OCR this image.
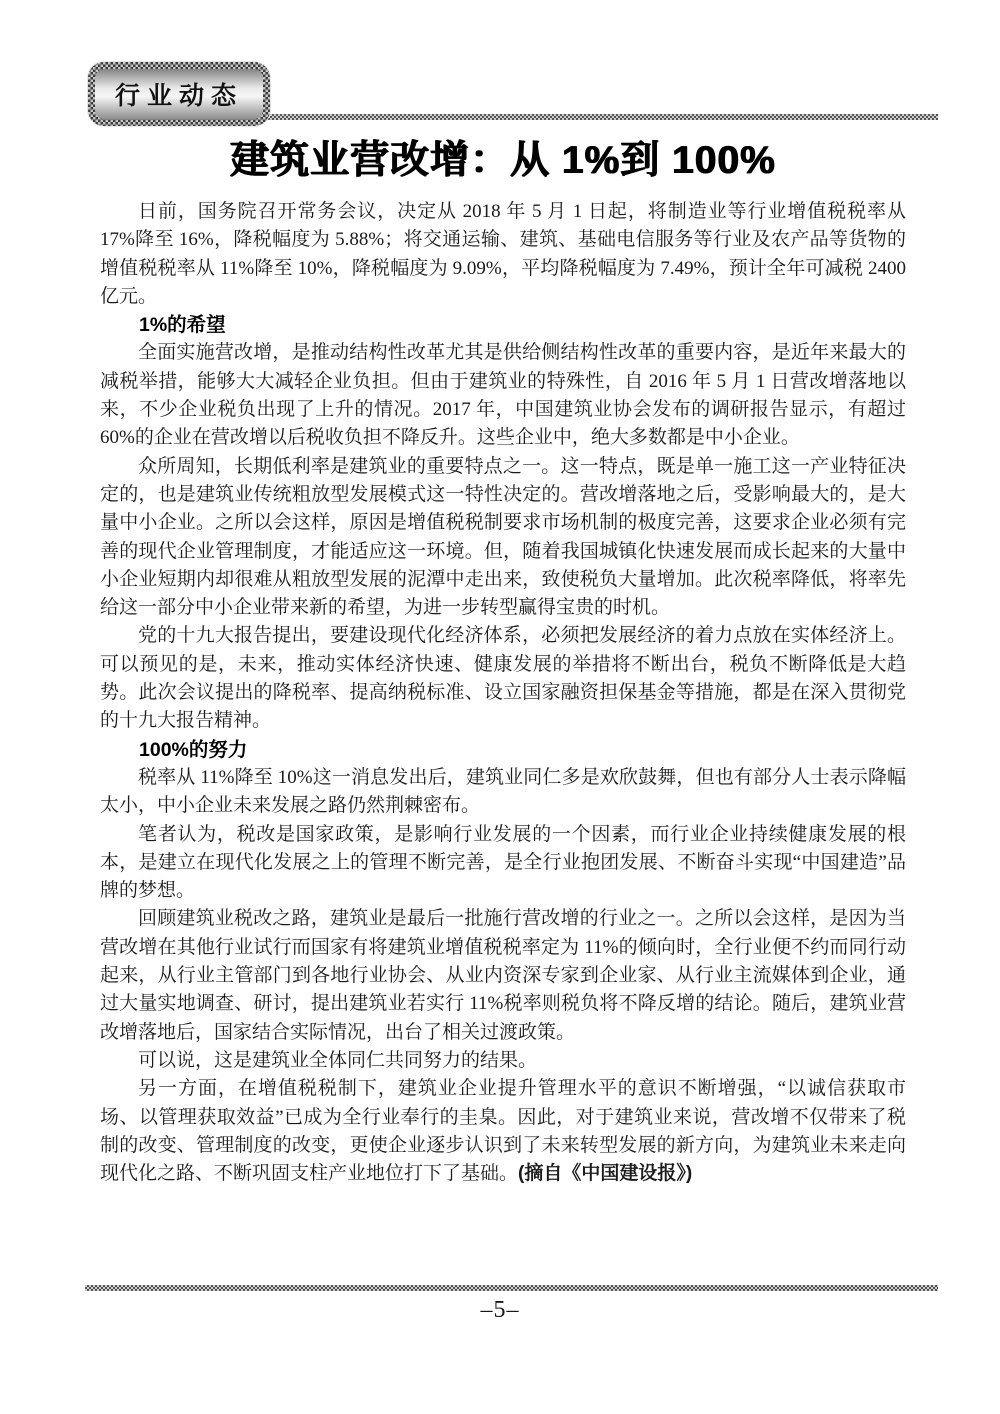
行业动态
建筑业营改增：从 1%到 100%

日前，国务院召开常务会议，决定从 2018 年 5 月 1 日起，将制造业等行业增值税税率从 17%降至 16%，降税幅度为 5.88%；将交通运输、建筑、基础电信服务等行业及农产品等货物的增值税税率从 11%降至 10%，降税幅度为 9.09%，平均降税幅度为 7.49%，预计全年可减税 2400 亿元。

1%的希望

全面实施营改增，是推动结构性改革尤其是供给侧结构性改革的重要内容，是近年来最大的减税举措，能够大大减轻企业负担。但由于建筑业的特殊性，自 2016 年 5 月 1 日营改增落地以来，不少企业税负出现了上升的情况。2017 年，中国建筑业协会发布的调研报告显示，有超过 60%的企业在营改增以后税收负担不降反升。这些企业中，绝大多数都是中小企业。

众所周知，长期低利率是建筑业的重要特点之一。这一特点，既是单一施工这一产业特征决定的，也是建筑业传统粗放型发展模式这一特性决定的。营改增落地之后，受影响最大的，是大量中小企业。之所以会这样，原因是增值税税制要求市场机制的极度完善，这要求企业必须有完善的现代企业管理制度，才能适应这一环境。但，随着我国城镇化快速发展而成长起来的大量中小企业短期内却很难从粗放型发展的泥潭中走出来，致使税负大量增加。此次税率降低，将率先给这一部分中小企业带来新的希望，为进一步转型赢得宝贵的时机。

党的十九大报告提出，要建设现代化经济体系，必须把发展经济的着力点放在实体经济上。可以预见的是，未来，推动实体经济快速、健康发展的举措将不断出台，税负不断降低是大趋势。此次会议提出的降税率、提高纳税标准、设立国家融资担保基金等措施，都是在深入贯彻党的十九大报告精神。

100%的努力

税率从 11%降至 10%这一消息发出后，建筑业同仁多是欢欣鼓舞，但也有部分人士表示降幅太小，中小企业未来发展之路仍然荆棘密布。

笔者认为，税改是国家政策，是影响行业发展的一个因素，而行业企业持续健康发展的根本，是建立在现代化发展之上的管理不断完善，是全行业抱团发展、不断奋斗实现“中国建造”品牌的梦想。

回顾建筑业税改之路，建筑业是最后一批施行营改增的行业之一。之所以会这样，是因为当营改增在其他行业试行而国家有将建筑业增值税税率定为 11%的倾向时，全行业便不约而同行动起来，从行业主管部门到各地行业协会、从业内资深专家到企业家、从行业主流媒体到企业，通过大量实地调查、研讨，提出建筑业若实行 11%税率则税负将不降反增的结论。随后，建筑业营改增落地后，国家结合实际情况，出台了相关过渡政策。

可以说，这是建筑业全体同仁共同努力的结果。

另一方面，在增值税税制下，建筑业企业提升管理水平的意识不断增强，“以诚信获取市场、以管理获取效益”已成为全行业奉行的圭臬。因此，对于建筑业来说，营改增不仅带来了税制的改变、管理制度的改变，更使企业逐步认识到了未来转型发展的新方向，为建筑业未来走向现代化之路、不断巩固支柱产业地位打下了基础。(摘自《中国建设报》)

–5–
